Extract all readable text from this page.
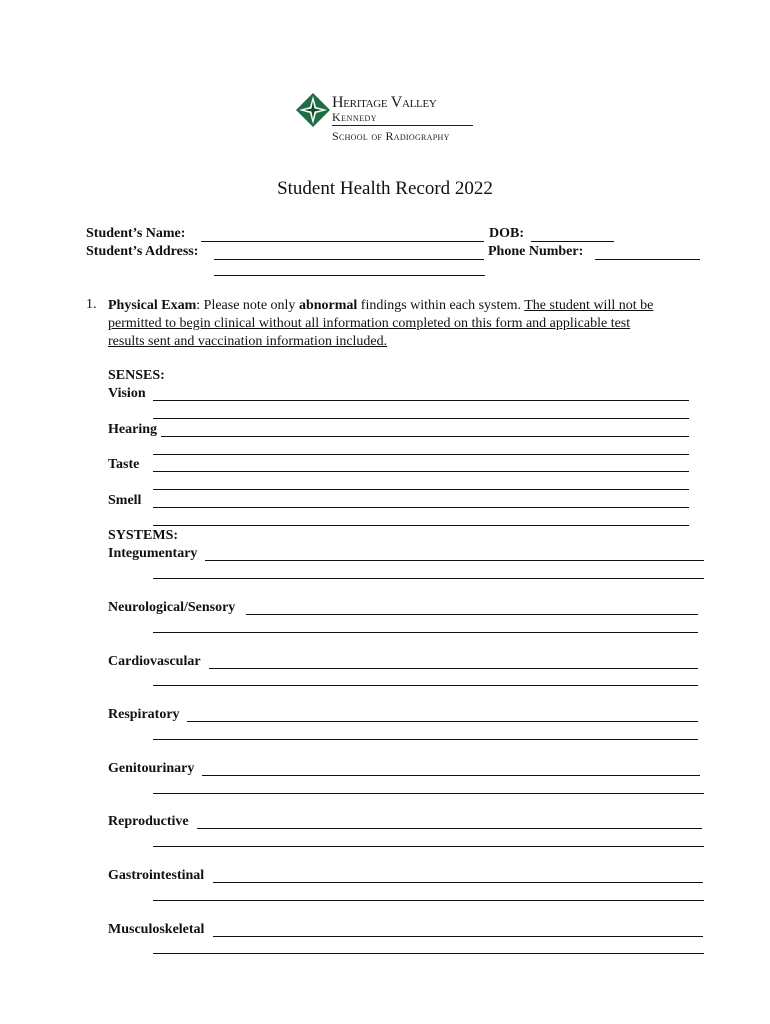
Heritage Valley
Kennedy
School of Radiography
Student Health Record 2022
Student’s Name:	DOB:
Student’s Address:	Phone Number:
1. Physical Exam: Please note only abnormal findings within each system. The student will not be
permitted to begin clinical without all information completed on this form and applicable test
results sent and vaccination information included.
SENSES:
Vision
Hearing
Taste
Smell
SYSTEMS:
Integumentary
Neurological/Sensory
Cardiovascular
Respiratory
Genitourinary
Reproductive
Gastrointestinal
Musculoskeletal
